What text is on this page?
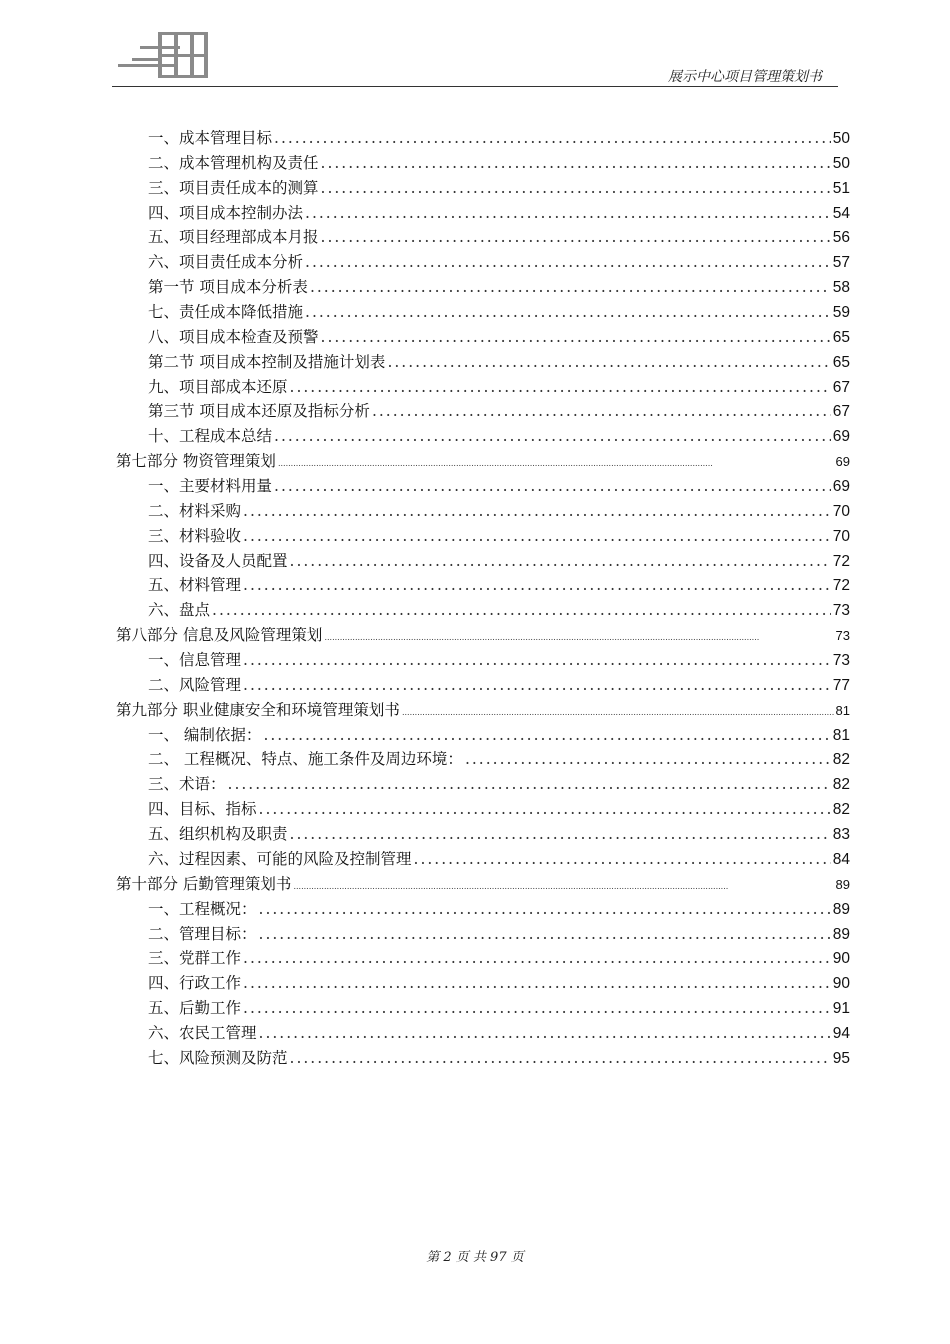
展示中心项目管理策划书
一、成本管理目标 .....	50
二、成本管理机构及责任 .....	50
三、项目责任成本的测算 .....	51
四、项目成本控制办法 .....	54
五、项目经理部成本月报 .....	56
六、项目责任成本分析 .....	57
第一节 项目成本分析表 .....	58
七、责任成本降低措施 .....	59
八、项目成本检查及预警 .....	65
第二节 项目成本控制及措施计划表 .....	65
九、项目部成本还原 .....	67
第三节 项目成本还原及指标分析 .....	67
十、工程成本总结 .....	69
第七部分 物资管理策划 .....	69
一、主要材料用量 .....	69
二、材料采购 .....	70
三、材料验收 .....	70
四、设备及人员配置 .....	72
五、材料管理 .....	72
六、盘点 .....	73
第八部分 信息及风险管理策划 .....	73
一、信息管理 .....	73
二、风险管理 .....	77
第九部分 职业健康安全和环境管理策划书 .....	81
一、 编制依据： .....	81
二、 工程概况、特点、施工条件及周边环境： .....	82
三、术语： .....	82
四、目标、指标 .....	82
五、组织机构及职责 .....	83
六、过程因素、可能的风险及控制管理 .....	84
第十部分 后勤管理策划书 .....	89
一、工程概况： .....	89
二、管理目标： .....	89
三、党群工作 .....	90
四、行政工作 .....	90
五、后勤工作 .....	91
六、农民工管理 .....	94
七、风险预测及防范 .....	95
第 2 页 共 97 页
